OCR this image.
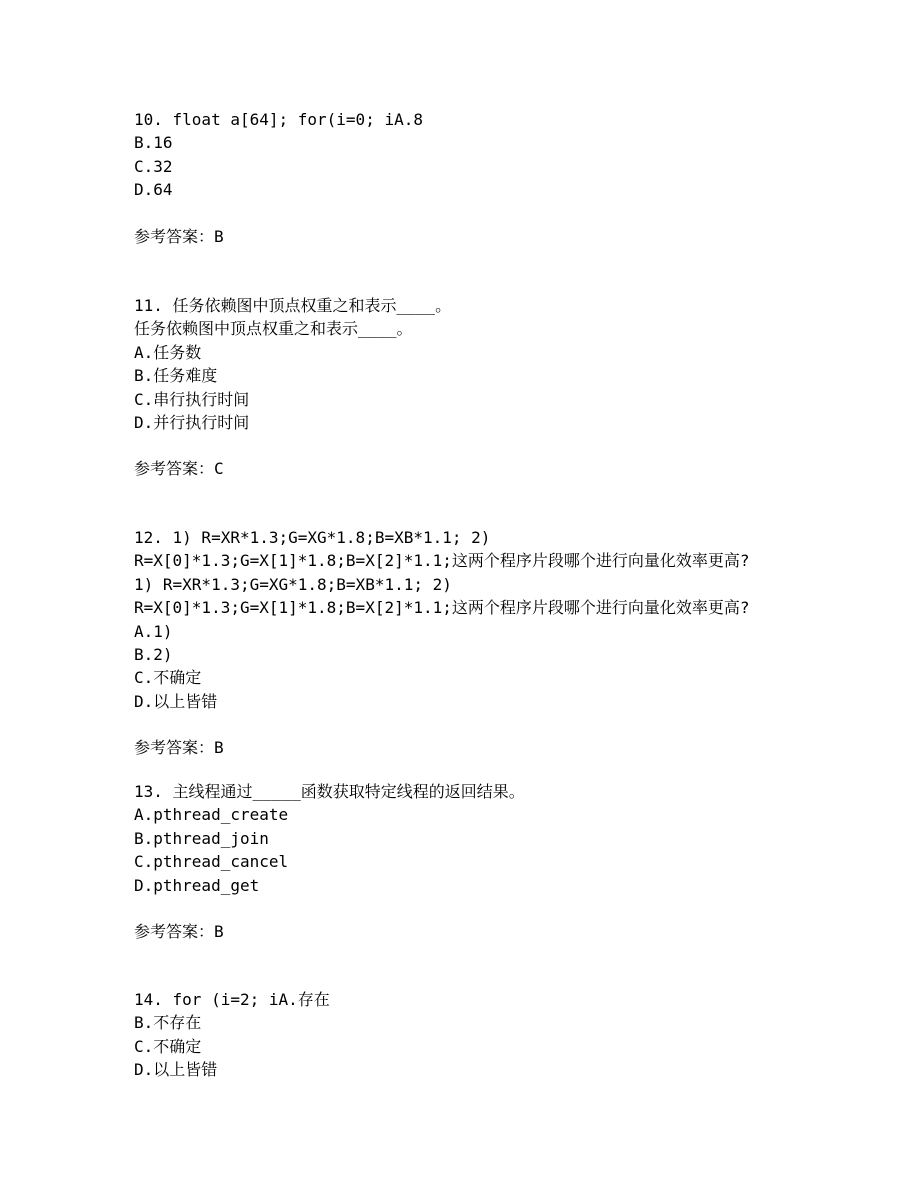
10. float a[64]; for(i=0; iA.8
B.16
C.32
D.64
参考答案：B
11. 任务依赖图中顶点权重之和表示____。
任务依赖图中顶点权重之和表示____。
A.任务数
B.任务难度
C.串行执行时间
D.并行执行时间
参考答案：C
12. 1) R=XR*1.3;G=XG*1.8;B=XB*1.1; 2)
R=X[0]*1.3;G=X[1]*1.8;B=X[2]*1.1;这两个程序片段哪个进行向量化效率更高?
1) R=XR*1.3;G=XG*1.8;B=XB*1.1; 2)
R=X[0]*1.3;G=X[1]*1.8;B=X[2]*1.1;这两个程序片段哪个进行向量化效率更高?
A.1)
B.2)
C.不确定
D.以上皆错
参考答案：B
13. 主线程通过_____函数获取特定线程的返回结果。
A.pthread_create
B.pthread_join
C.pthread_cancel
D.pthread_get
参考答案：B
14. for (i=2; iA.存在
B.不存在
C.不确定
D.以上皆错
